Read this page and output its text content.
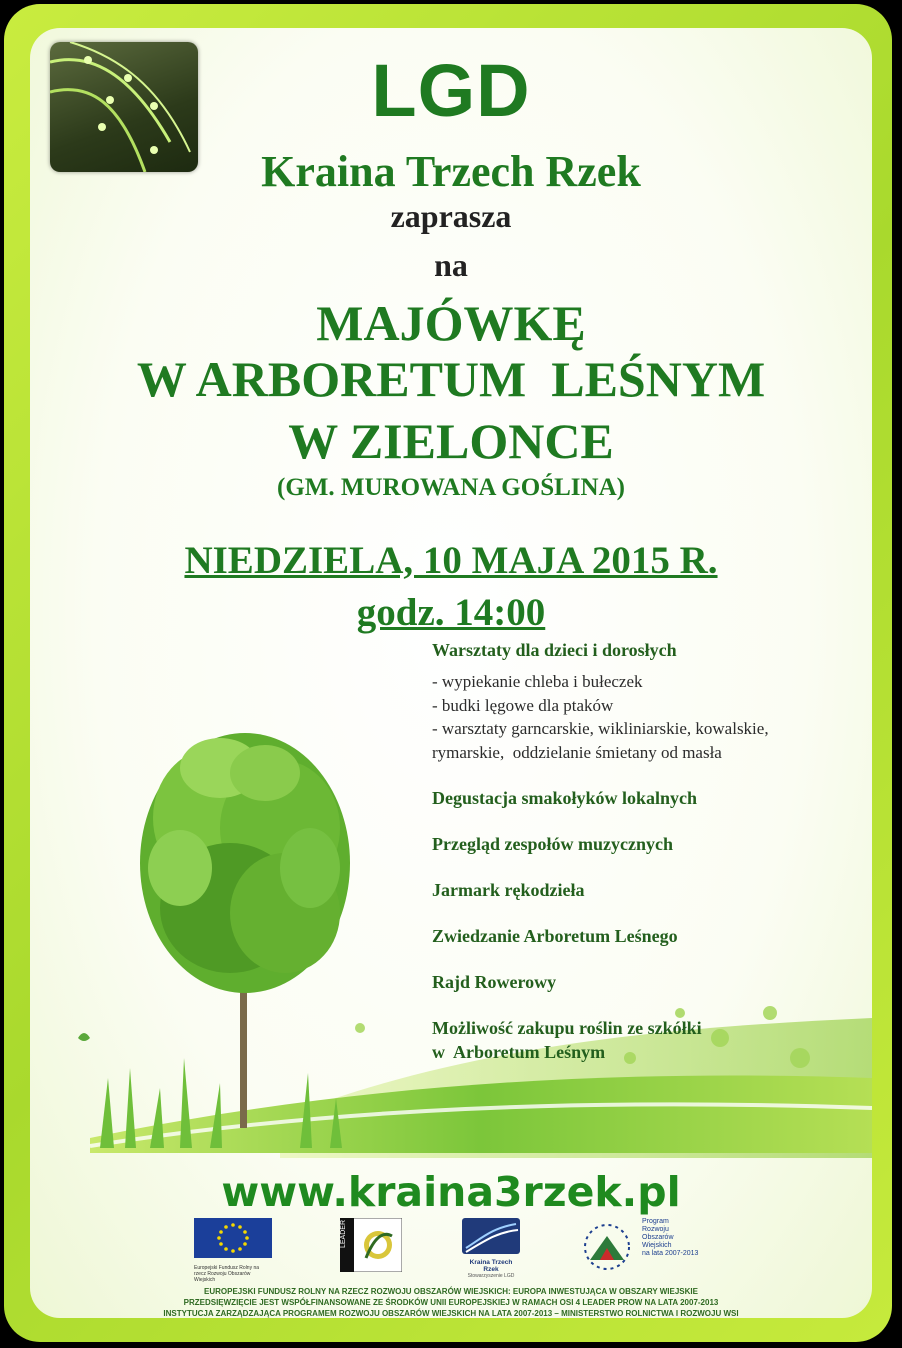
LGD
Kraina Trzech Rzek
zaprasza
na
MAJÓWKĘ
W ARBORETUM  LEŚNYM
W ZIELONCE
(GM. MUROWANA GOŚLINA)
NIEDZIELA, 10 MAJA 2015 R.
godz. 14:00
Warsztaty dla dzieci i dorosłych
- wypiekanie chleba i bułeczek
- budki lęgowe dla ptaków
- warsztaty garncarskie, wikliniarskie, kowalskie,
rymarskie,  oddzielanie śmietany od masła
Degustacja smakołyków lokalnych
Przegląd zespołów muzycznych
Jarmark rękodzieła
Zwiedzanie Arboretum Leśnego
Rajd Rowerowy
Możliwość zakupu roślin ze szkółki
w  Arboretum Leśnym
www.kraina3rzek.pl
Europejski Fundusz Rolny na rzecz Rozwoju Obszarów Wiejskich
LEADER
Kraina Trzech Rzek
Stowarzyszenie LGD
Program
Rozwoju
Obszarów
Wiejskich
na lata 2007-2013
EUROPEJSKI FUNDUSZ ROLNY NA RZECZ ROZWOJU OBSZARÓW WIEJSKICH: EUROPA INWESTUJĄCA W OBSZARY WIEJSKIE
PRZEDSIĘWZIĘCIE JEST WSPÓŁFINANSOWANE ZE ŚRODKÓW UNII EUROPEJSKIEJ W RAMACH OSI 4 LEADER PROW NA LATA 2007-2013
INSTYTUCJA ZARZĄDZAJĄCA PROGRAMEM ROZWOJU OBSZARÓW WIEJSKICH NA LATA 2007-2013 – MINISTERSTWO ROLNICTWA I ROZWOJU WSI
